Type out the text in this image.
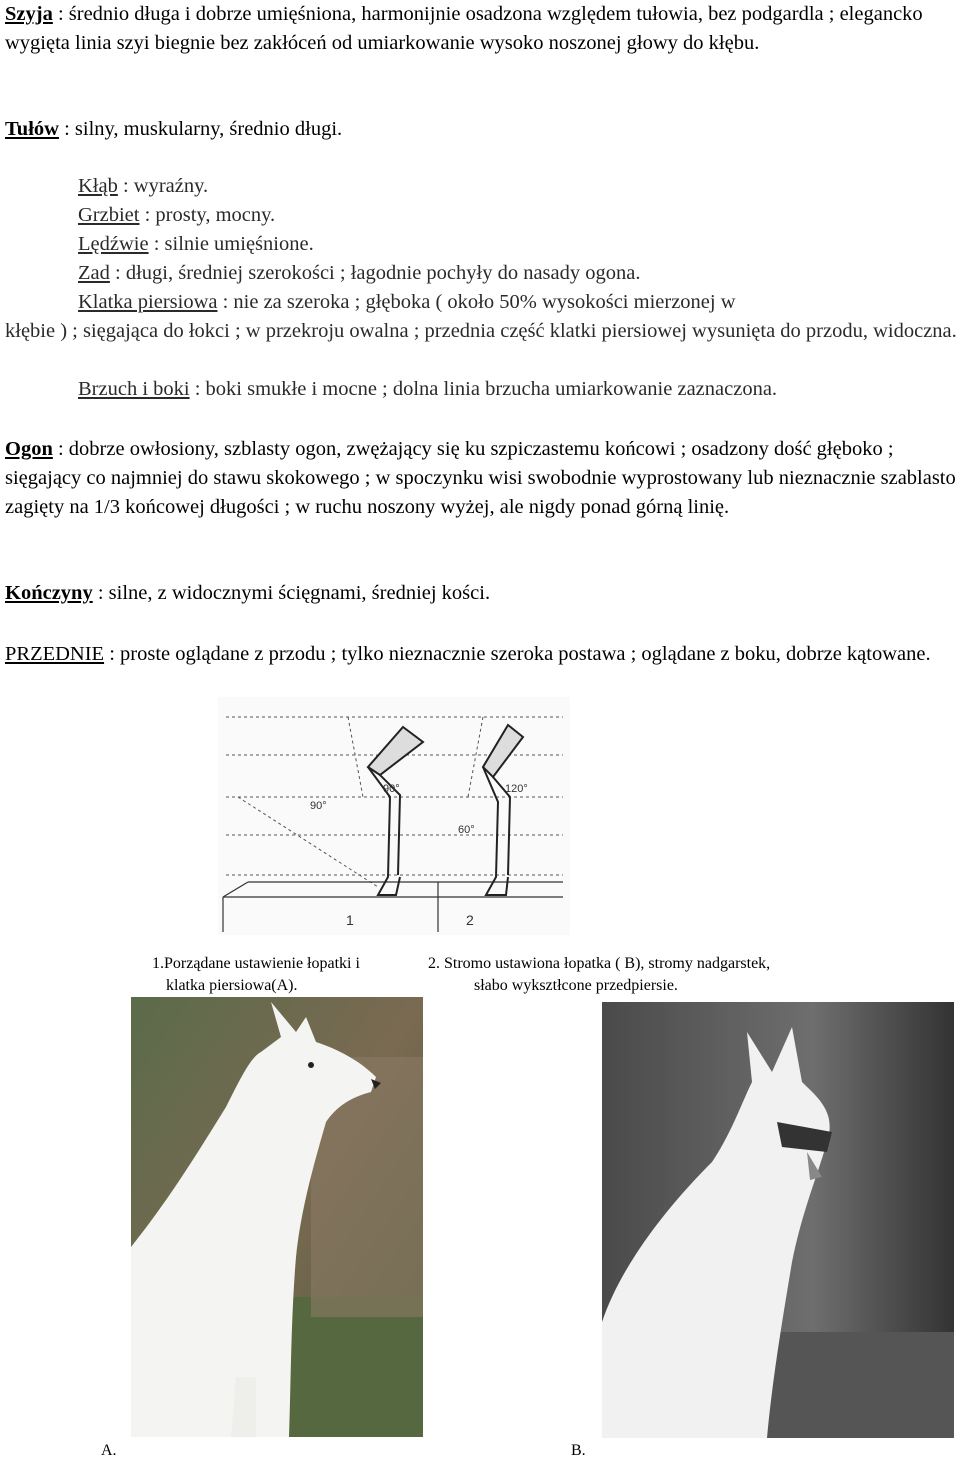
Szyja : średnio długa i dobrze umięśniona, harmonijnie osadzona względem tułowia, bez podgardla ; elegancko wygięta linia szyi biegnie bez zakłóceń od umiarkowanie wysoko noszonej głowy do kłębu.
Tułów : silny, muskularny, średnio długi.
Kłąb : wyraźny.
Grzbiet : prosty, mocny.
Lędźwie : silnie umięśnione.
Zad : długi, średniej szerokości ; łagodnie pochyły do nasady ogona.
Klatka piersiowa : nie za szeroka ; głęboka ( około 50% wysokości mierzonej w
kłębie ) ; sięgająca do łokci ; w przekroju owalna ; przednia część klatki piersiowej wysunięta do przodu, widoczna.
Brzuch i boki : boki smukłe i mocne ; dolna linia brzucha umiarkowanie zaznaczona.
Ogon : dobrze owłosiony, szblasty ogon, zwężający się ku szpiczastemu końcowi ; osadzony dość głęboko ; sięgający co najmniej do stawu skokowego ; w spoczynku wisi swobodnie wyprostowany lub nieznacznie szablasto zagięty na 1/3 końcowej długości ; w ruchu noszony wyżej, ale nigdy ponad górną linię.
Kończyny : silne, z widocznymi ścięgnami, średniej kości.
PRZEDNIE : proste oglądane z przodu ; tylko nieznacznie szeroka postawa ; oglądane z boku, dobrze kątowane.
90°
90°	120°
60°
1	2
1.Porządane ustawienie łopatki i
klatka piersiowa(A).
2. Stromo ustawiona łopatka ( B), stromy nadgarstek,
słabo wyksztłcone przedpiersie.
A.	B.
